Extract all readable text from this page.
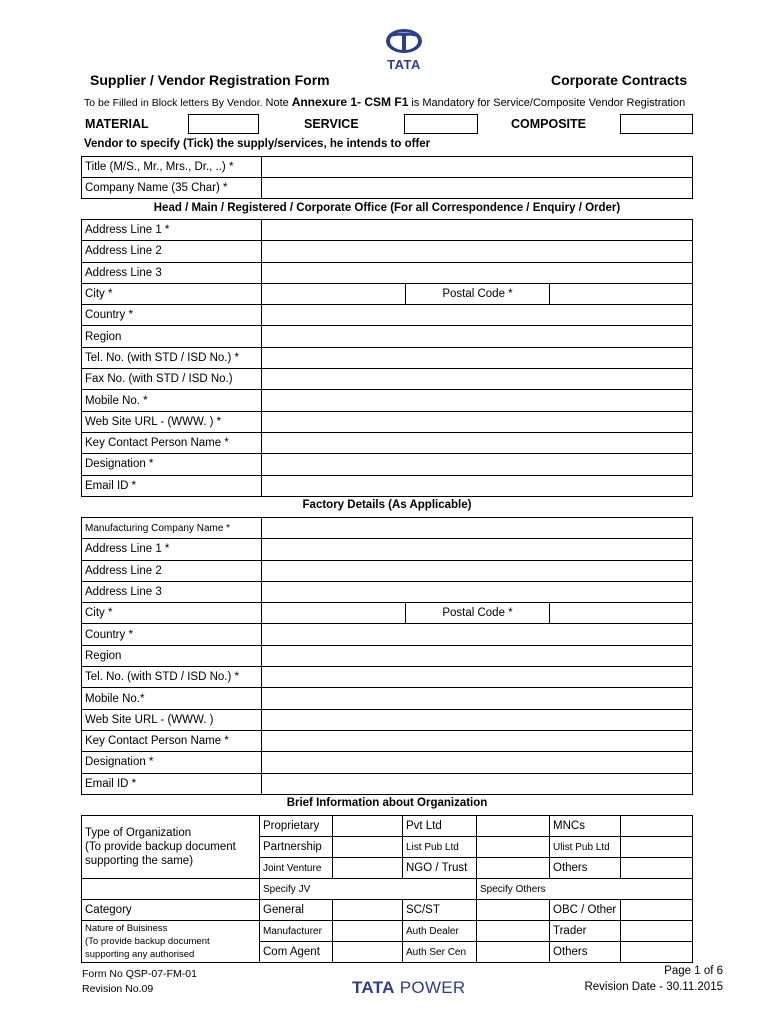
TATA
Supplier / Vendor Registration Form	Corporate Contracts
To be Filled in Block letters By Vendor. Note Annexure 1- CSM F1 is Mandatory for Service/Composite Vendor Registration
MATERIAL	SERVICE	COMPOSITE
Vendor to specify (Tick) the supply/services, he intends to offer
Title (M/S., Mr., Mrs., Dr., ..) *	
Company Name (35 Char) *	
Head / Main / Registered / Corporate Office (For all Correspondence / Enquiry / Order)
Address Line 1 *			
Address Line 2			
Address Line 3			
City *		Postal Code *	
Country *			
Region			
Tel. No. (with STD / ISD No.) *			
Fax No. (with STD / ISD No.)			
Mobile No. *			
Web Site URL - (WWW. ) *			
Key Contact Person Name *			
Designation *			
Email ID *			
Factory Details (As Applicable)
Manufacturing Company Name *			
Address Line 1 *			
Address Line 2			
Address Line 3			
City *		Postal Code *	
Country *			
Region			
Tel. No. (with STD / ISD No.) *			
Mobile No.*			
Web Site URL - (WWW. )			
Key Contact Person Name *			
Designation *			
Email ID *			
Brief Information about Organization
Type of Organization
(To provide backup document
supporting the same)	Proprietary		Pvt Ltd		MNCs	
	Partnership		List Pub Ltd		Ulist Pub Ltd	
	Joint Venture		NGO / Trust		Others	
	Specify JV			Specify Others		
Category	General		SC/ST		OBC / Other	
Nature of Buisiness
(To provide backup document
supporting any authorised	Manufacturer		Auth Dealer		Trader	
	Com Agent		Auth Ser Cen		Others	
Form No QSP-07-FM-01
Revision No.09	TATA POWER
Page 1 of 6
Revision Date - 30.11.2015
